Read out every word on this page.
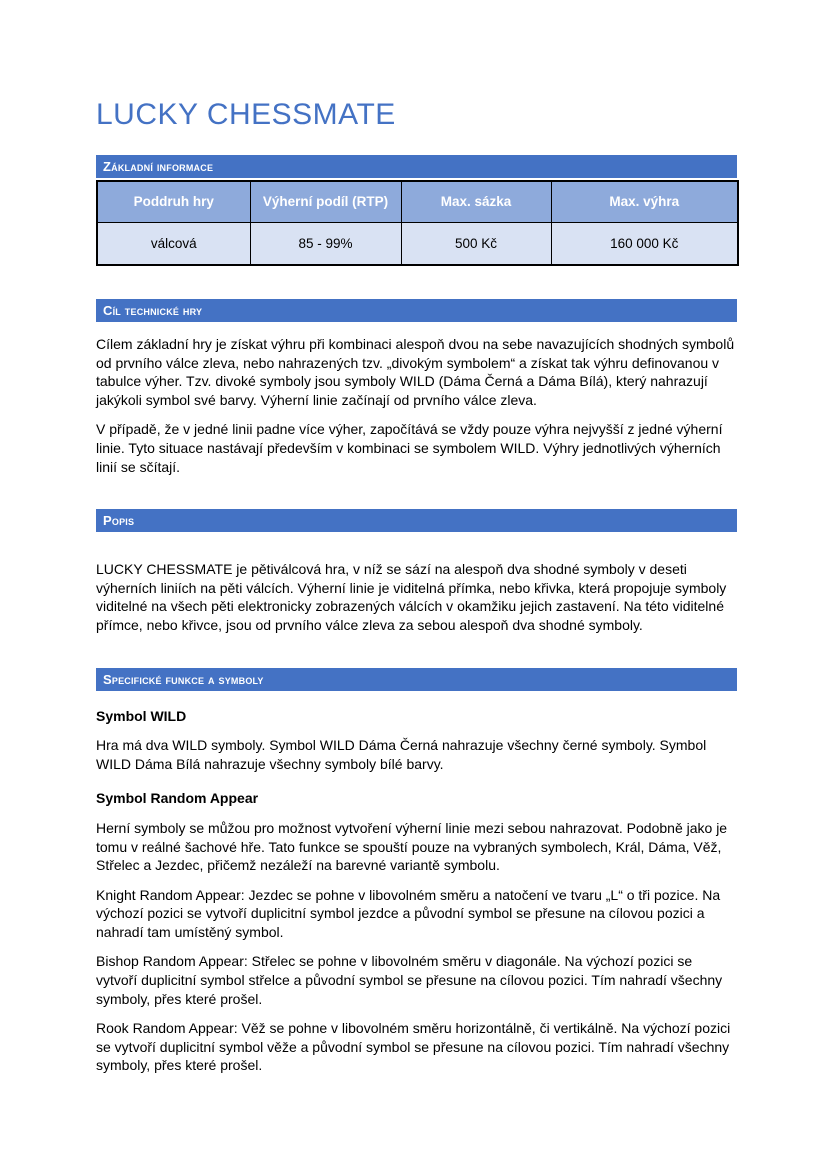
LUCKY CHESSMATE
Základní informace
Poddruh hry	Výherní podíl (RTP)	Max. sázka	Max. výhra
válcová	85 - 99%	500 Kč	160 000 Kč
Cíl technické hry

Cílem základní hry je získat výhru při kombinaci alespoň dvou na sebe navazujících shodných symbolů od prvního válce zleva, nebo nahrazených tzv. „divokým symbolem“ a získat tak výhru definovanou v tabulce výher. Tzv. divoké symboly jsou symboly WILD (Dáma Černá a Dáma Bílá), který nahrazují jakýkoli symbol své barvy. Výherní linie začínají od prvního válce zleva.

V případě, že v jedné linii padne více výher, započítává se vždy pouze výhra nejvyšší z jedné výherní linie. Tyto situace nastávají především v kombinaci se symbolem WILD. Výhry jednotlivých výherních linií se sčítají.

Popis

LUCKY CHESSMATE je pětiválcová hra, v níž se sází na alespoň dva shodné symboly v deseti výherních liniích na pěti válcích. Výherní linie je viditelná přímka, nebo křivka, která propojuje symboly viditelné na všech pěti elektronicky zobrazených válcích v okamžiku jejich zastavení. Na této viditelné přímce, nebo křivce, jsou od prvního válce zleva za sebou alespoň dva shodné symboly.

Specifické funkce a symboly

Symbol WILD

Hra má dva WILD symboly. Symbol WILD Dáma Černá nahrazuje všechny černé symboly. Symbol WILD Dáma Bílá nahrazuje všechny symboly bílé barvy.

Symbol Random Appear

Herní symboly se můžou pro možnost vytvoření výherní linie mezi sebou nahrazovat. Podobně jako je tomu v reálné šachové hře. Tato funkce se spouští pouze na vybraných symbolech, Král, Dáma, Věž, Střelec a Jezdec, přičemž nezáleží na barevné variantě symbolu.

Knight Random Appear: Jezdec se pohne v libovolném směru a natočení ve tvaru „L“ o tři pozice. Na výchozí pozici se vytvoří duplicitní symbol jezdce a původní symbol se přesune na cílovou pozici a nahradí tam umístěný symbol.

Bishop Random Appear: Střelec se pohne v libovolném směru v diagonále. Na výchozí pozici se vytvoří duplicitní symbol střelce a původní symbol se přesune na cílovou pozici. Tím nahradí všechny symboly, přes které prošel.

Rook Random Appear: Věž se pohne v libovolném směru horizontálně, či vertikálně. Na výchozí pozici se vytvoří duplicitní symbol věže a původní symbol se přesune na cílovou pozici. Tím nahradí všechny symboly, přes které prošel.
